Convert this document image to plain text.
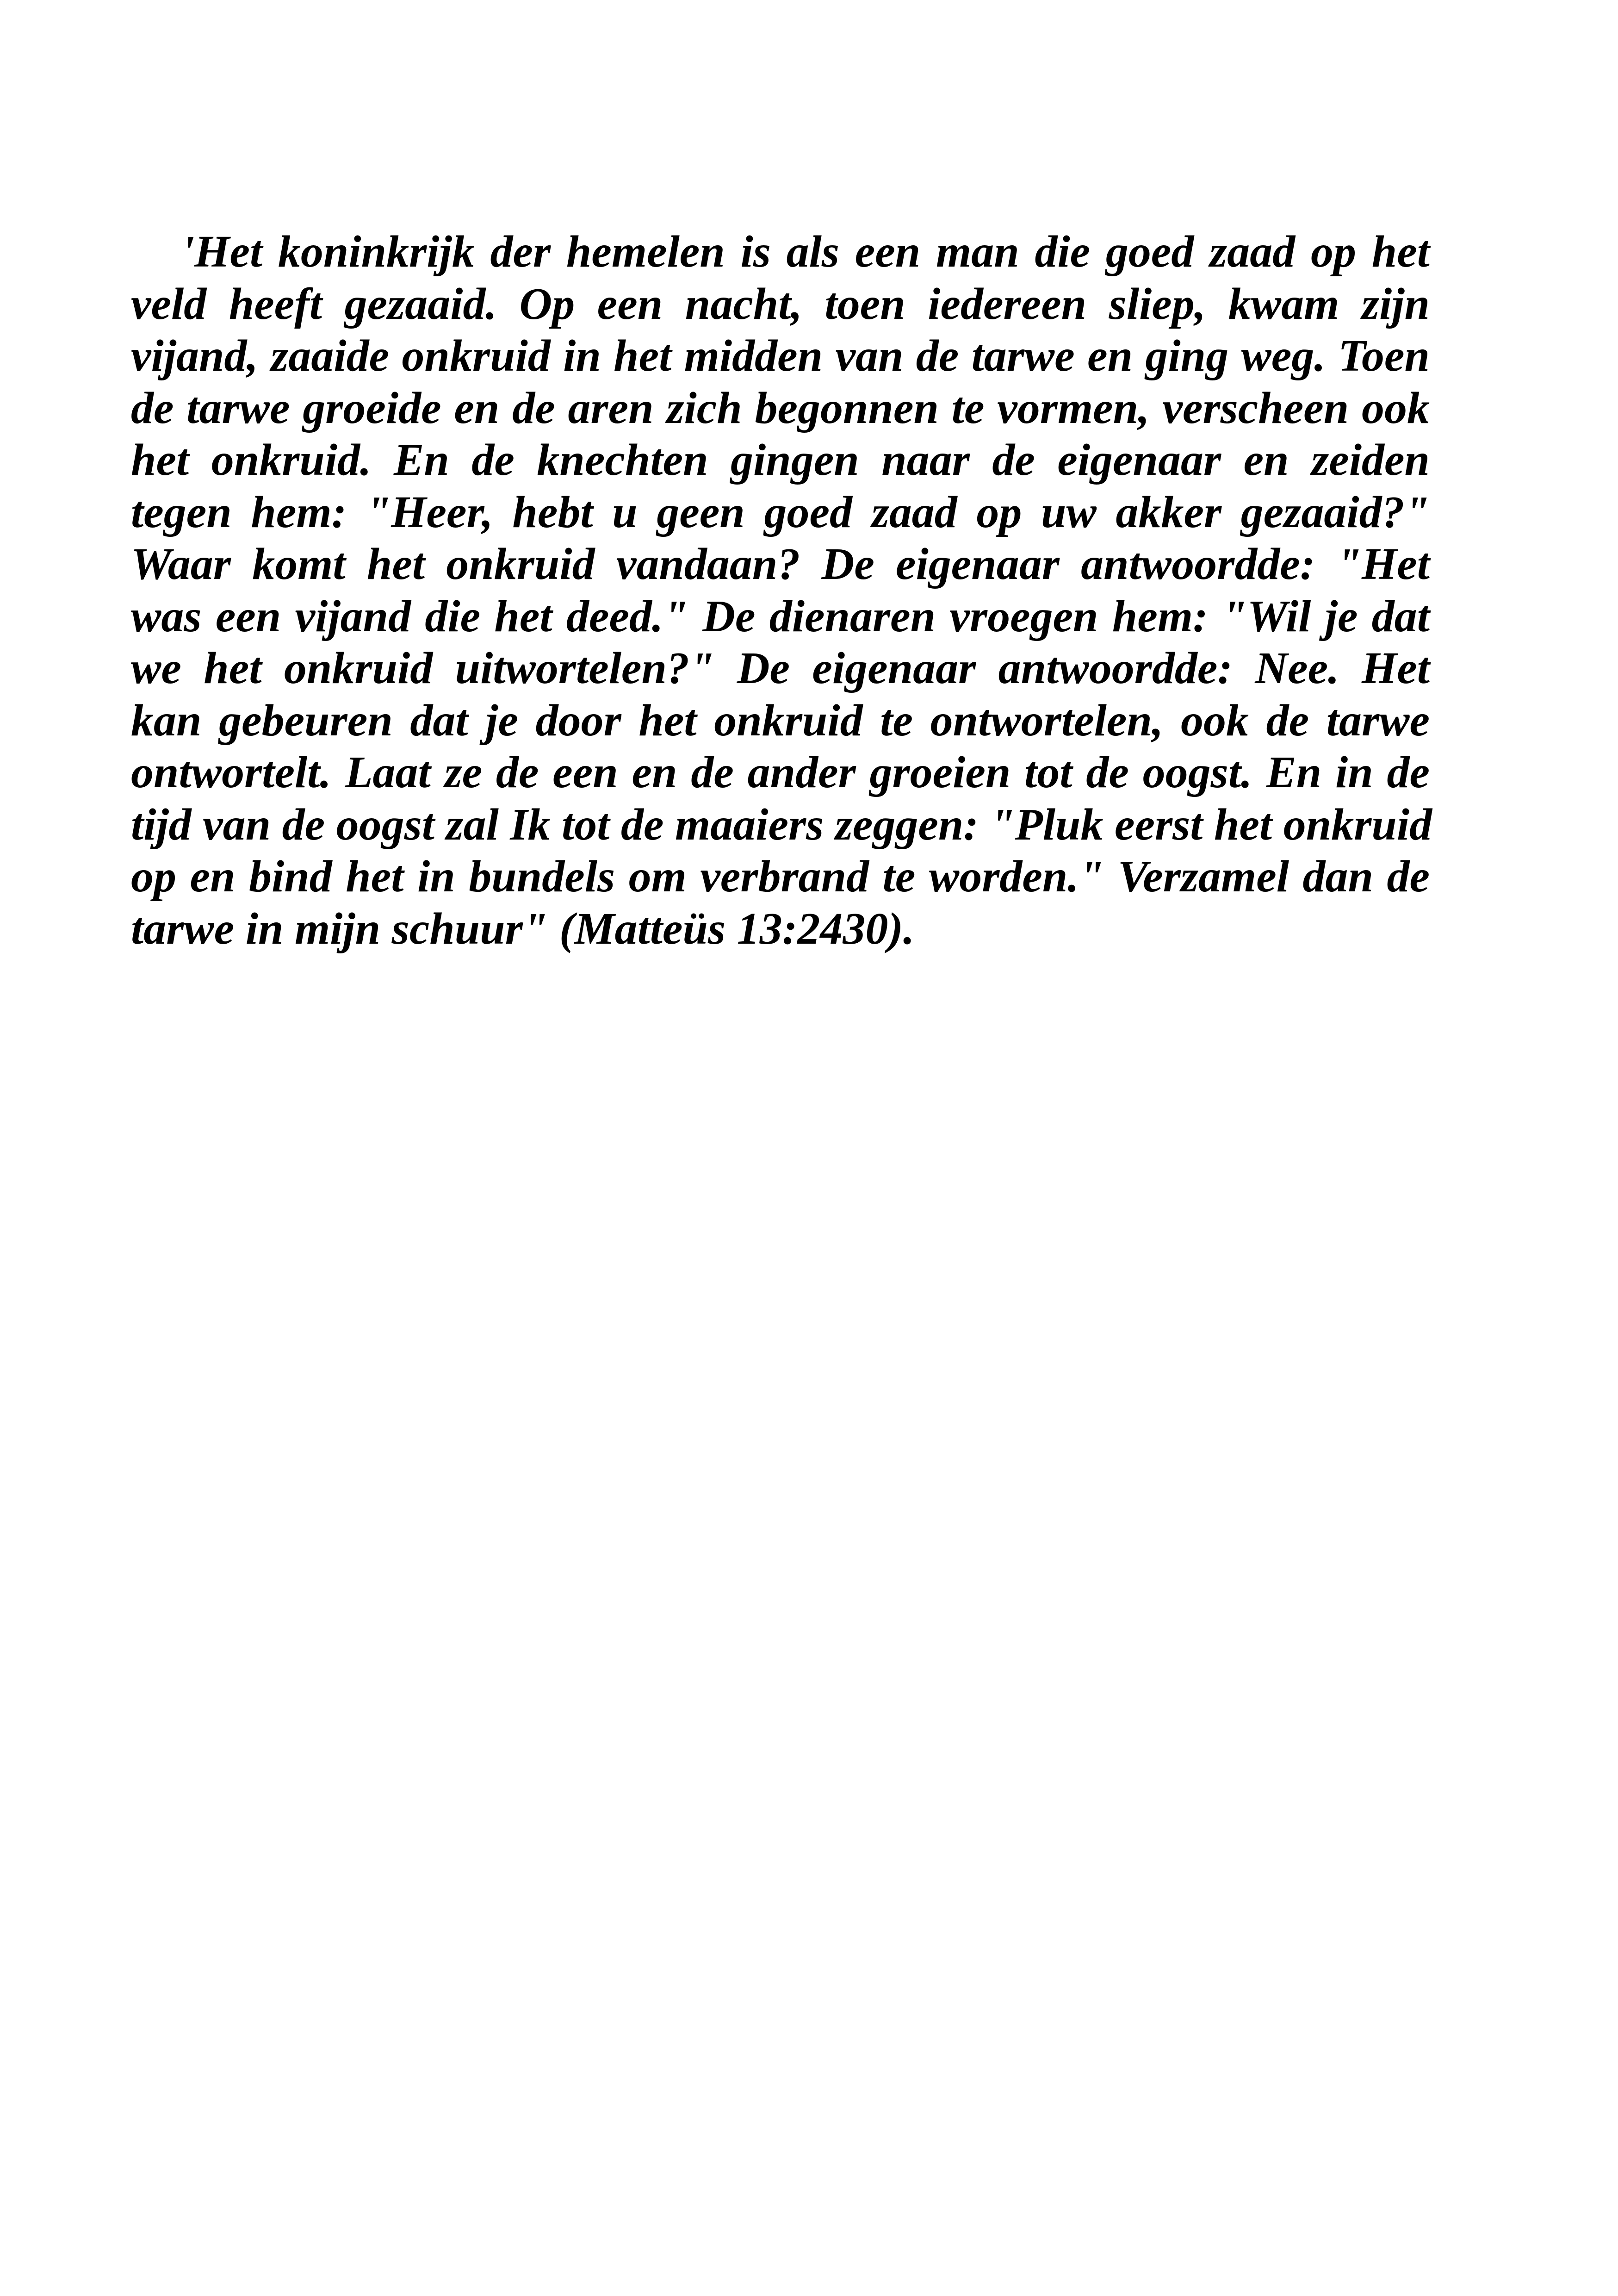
'Het koninkrijk der hemelen is als een man die goed zaad op het
veld heeft gezaaid. Op een nacht, toen iedereen sliep, kwam zijn
vijand, zaaide onkruid in het midden van de tarwe en ging weg. Toen
de tarwe groeide en de aren zich begonnen te vormen, verscheen ook
het onkruid. En de knechten gingen naar de eigenaar en zeiden
tegen hem: "Heer, hebt u geen goed zaad op uw akker gezaaid?"
Waar komt het onkruid vandaan? De eigenaar antwoordde: "Het
was een vijand die het deed." De dienaren vroegen hem: "Wil je dat
we het onkruid uitwortelen?" De eigenaar antwoordde: Nee. Het
kan gebeuren dat je door het onkruid te ontwortelen, ook de tarwe
ontwortelt. Laat ze de een en de ander groeien tot de oogst. En in de
tijd van de oogst zal Ik tot de maaiers zeggen: "Pluk eerst het onkruid
op en bind het in bundels om verbrand te worden." Verzamel dan de
tarwe in mijn schuur" (Matteüs 13:2430).
